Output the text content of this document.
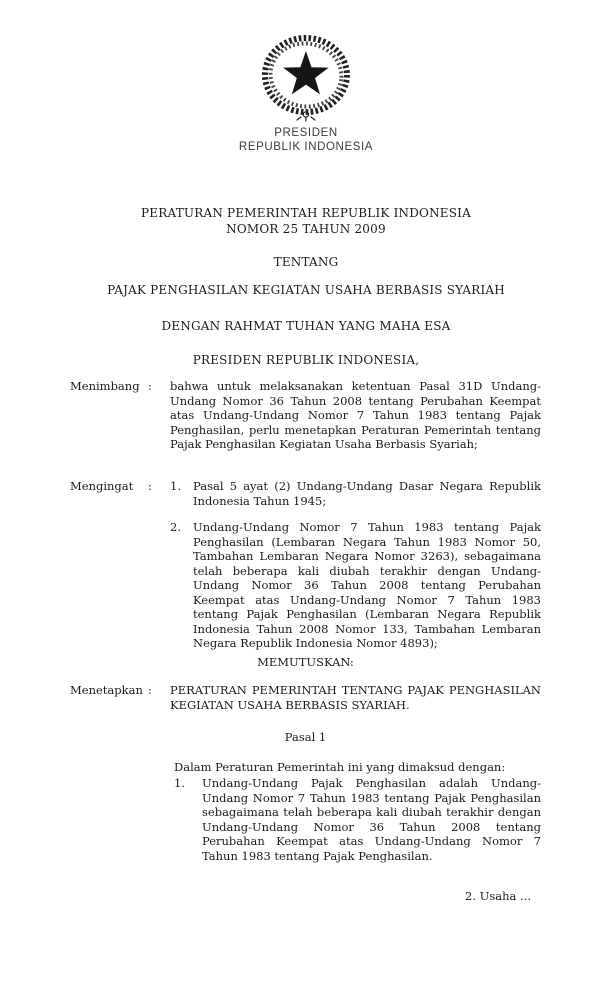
PRESIDEN
REPUBLIK INDONESIA
PERATURAN PEMERINTAH REPUBLIK INDONESIA
NOMOR 25 TAHUN 2009
TENTANG
PAJAK PENGHASILAN KEGIATAN USAHA BERBASIS SYARIAH
DENGAN RAHMAT TUHAN YANG MAHA ESA
PRESIDEN REPUBLIK INDONESIA,
Menimbang :	bahwa untuk melaksanakan ketentuan Pasal 31D Undang-Undang Nomor 36 Tahun 2008 tentang Perubahan Keempat atas Undang-Undang Nomor 7 Tahun 1983 tentang Pajak Penghasilan, perlu menetapkan Peraturan Pemerintah tentang Pajak Penghasilan Kegiatan Usaha Berbasis Syariah;
Mengingat	:	1.	Pasal 5 ayat (2) Undang-Undang Dasar Negara Republik Indonesia Tahun 1945;
2.	Undang-Undang Nomor 7 Tahun 1983 tentang Pajak Penghasilan (Lembaran Negara Tahun 1983 Nomor 50, Tambahan Lembaran Negara Nomor 3263), sebagaimana telah beberapa kali diubah terakhir dengan Undang-Undang Nomor 36 Tahun 2008 tentang Perubahan Keempat atas Undang-Undang Nomor 7 Tahun 1983 tentang Pajak Penghasilan (Lembaran Negara Republik Indonesia Tahun 2008 Nomor 133, Tambahan Lembaran Negara Republik Indonesia Nomor 4893);
MEMUTUSKAN:
Menetapkan :	PERATURAN PEMERINTAH TENTANG PAJAK PENGHASILAN KEGIATAN USAHA BERBASIS SYARIAH.
Pasal 1
Dalam Peraturan Pemerintah ini yang dimaksud dengan:
1.	Undang-Undang Pajak Penghasilan adalah Undang-Undang Nomor 7 Tahun 1983 tentang Pajak Penghasilan sebagaimana telah beberapa kali diubah terakhir dengan Undang-Undang Nomor 36 Tahun 2008 tentang Perubahan Keempat atas Undang-Undang Nomor 7 Tahun 1983 tentang Pajak Penghasilan.
2. Usaha ...
